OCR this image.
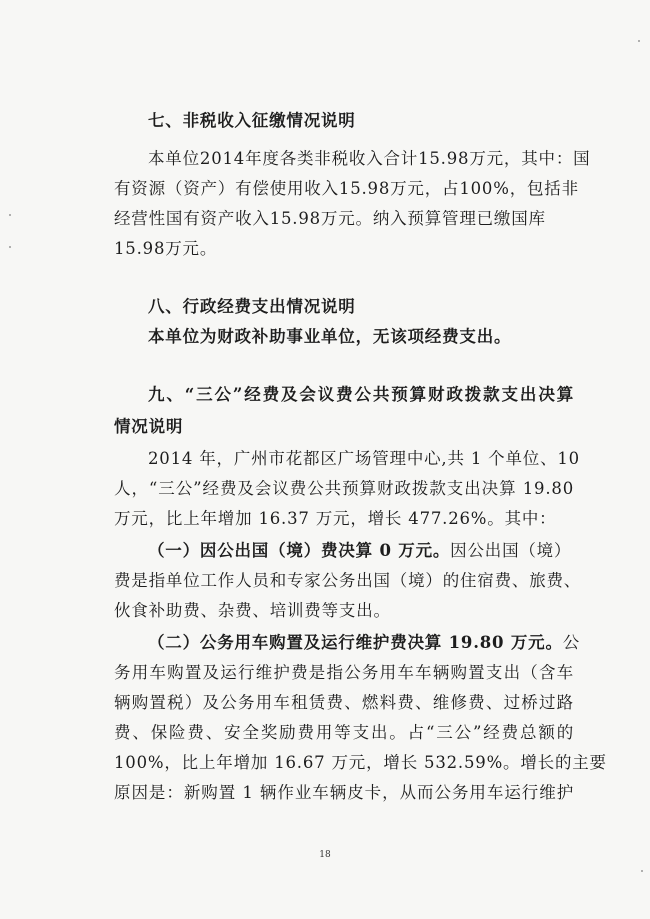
七、非税收入征缴情况说明
本单位2014年度各类非税收入合计15.98万元，其中：国
有资源（资产）有偿使用收入15.98万元，占100%，包括非
经营性国有资产收入15.98万元。纳入预算管理已缴国库
15.98万元。
八、行政经费支出情况说明
本单位为财政补助事业单位，无该项经费支出。
九、“三公”经费及会议费公共预算财政拨款支出决算
情况说明
2014 年，广州市花都区广场管理中心,共 1 个单位、10
人，“三公”经费及会议费公共预算财政拨款支出决算 19.80
万元，比上年增加 16.37 万元，增长 477.26%。其中：
（一）因公出国（境）费决算 0 万元。因公出国（境）
费是指单位工作人员和专家公务出国（境）的住宿费、旅费、
伙食补助费、杂费、培训费等支出。
（二）公务用车购置及运行维护费决算 19.80 万元。公
务用车购置及运行维护费是指公务用车车辆购置支出（含车
辆购置税）及公务用车租赁费、燃料费、维修费、过桥过路
费、保险费、安全奖励费用等支出。占“三公”经费总额的
100%，比上年增加 16.67 万元，增长 532.59%。增长的主要
原因是：新购置 1 辆作业车辆皮卡，从而公务用车运行维护
18
